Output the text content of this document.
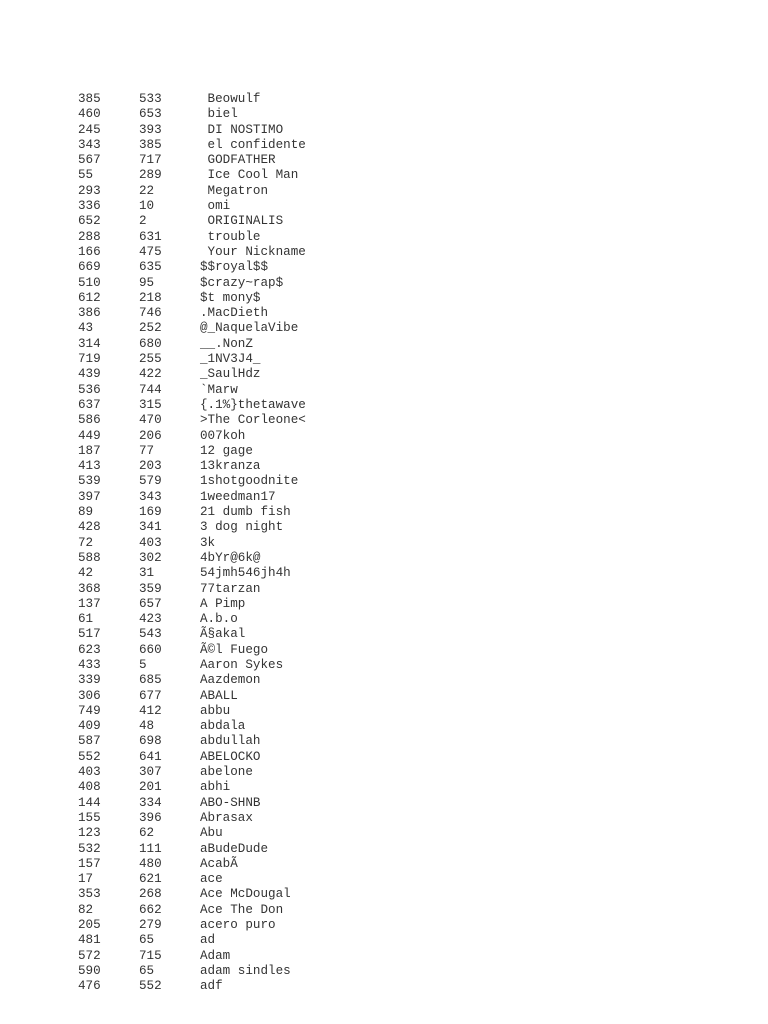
385	533	Beowulf
460	653	biel
245	393	DI NOSTIMO
343	385	el confidente
567	717	GODFATHER
55	289	Ice Cool Man
293	22	Megatron
336	10	omi
652	2	ORIGINALIS
288	631	trouble
166	475	Your Nickname
669	635	$$royal$$
510	95	$crazy~rap$
612	218	$t mony$
386	746	.MacDieth
43	252	@_NaquelaVibe
314	680	__.NonZ
719	255	_1NV3J4_
439	422	_SaulHdz
536	744	`Marw
637	315	{.1%}thetawave
586	470	>The Corleone<
449	206	007koh
187	77	12 gage
413	203	13kranza
539	579	1shotgoodnite
397	343	1weedman17
89	169	21 dumb fish
428	341	3 dog night
72	403	3k
588	302	4bYr@6k@
42	31	54jmh546jh4h
368	359	77tarzan
137	657	A Pimp
61	423	A.b.o
517	543	Ã§akal
623	660	Ã©l Fuego
433	5	Aaron Sykes
339	685	Aazdemon
306	677	ABALL
749	412	abbu
409	48	abdala
587	698	abdullah
552	641	ABELOCKO
403	307	abelone
408	201	abhi
144	334	ABO-SHNB
155	396	Abrasax
123	62	Abu
532	111	aBudeDude
157	480	AcabÃ
17	621	ace
353	268	Ace McDougal
82	662	Ace The Don
205	279	acero puro
481	65	ad
572	715	Adam
590	65	adam sindles
476	552	adf
